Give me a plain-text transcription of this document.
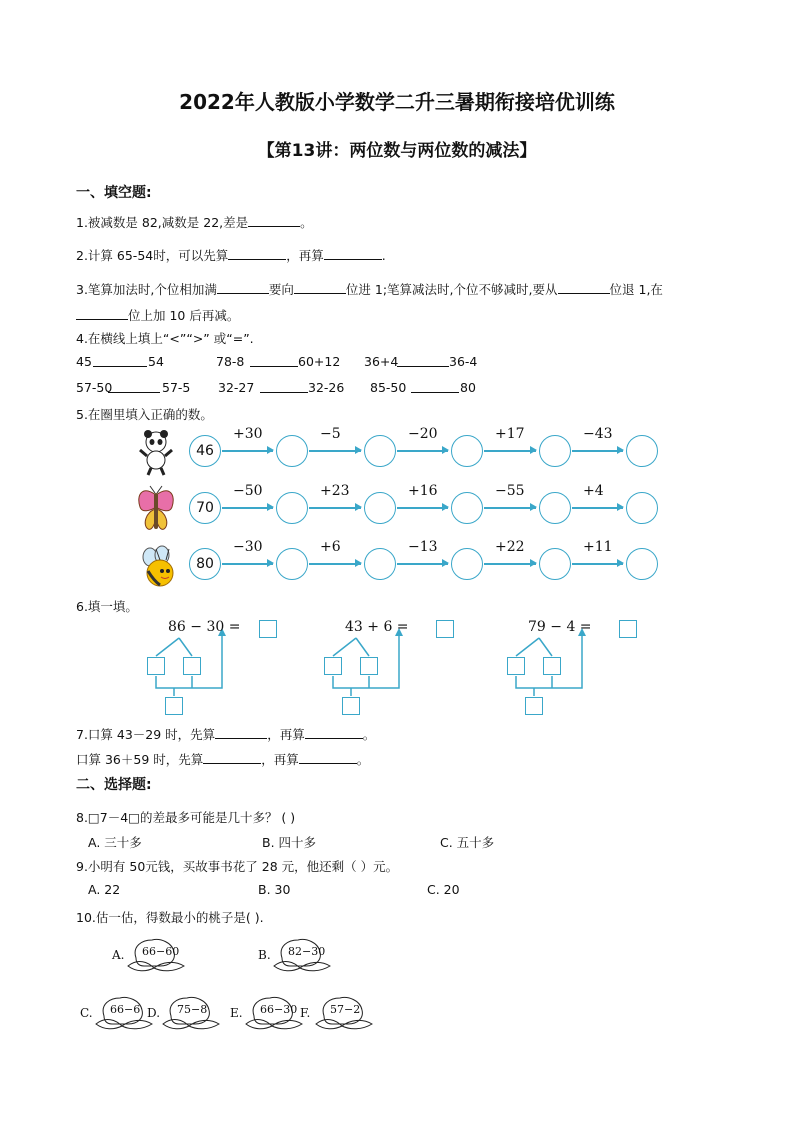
2022年人教版小学数学二升三暑期衔接培优训练
【第13讲：两位数与两位数的减法】
一、填空题:
1.被减数是 82,减数是 22,差是	。
2.计算 65-54时，可以先算	，再算	.
3.笔算加法时,个位相加满	要向	位进 1;笔算减法时,个位不够减时,要从	位退 1,在
位上加 10 后再减。
4.在横线上填上“<”“>” 或“=”.
45	54	78-8	60+12 36+4	36-4
57-50	57-5 32-27	32-26 85-50	80
5.在圈里填入正确的数。
46
+30	−5	−20	+17	−43
70
−50	+23	+16	−55	+4
80
−30	+6	−13	+22	+11
6.填一填。
86 − 30 =	43 + 6 =	79 − 4 =
7.口算 43－29 时，先算	，再算	。
口算 36＋59 时，先算	，再算	。
二、选择题:
8.□7－4□的差最多可能是几十多？ ( )
A. 三十多	B. 四十多	C. 五十多
9.小明有 50元钱，买故事书花了 28 元，他还剩（ ）元。
A. 22	B. 30	C. 20
10.估一估，得数最小的桃子是( ).
A. 66−60	B. 82−30
C. 66−6 D. 75−8 E. 66−30 F. 57−2
